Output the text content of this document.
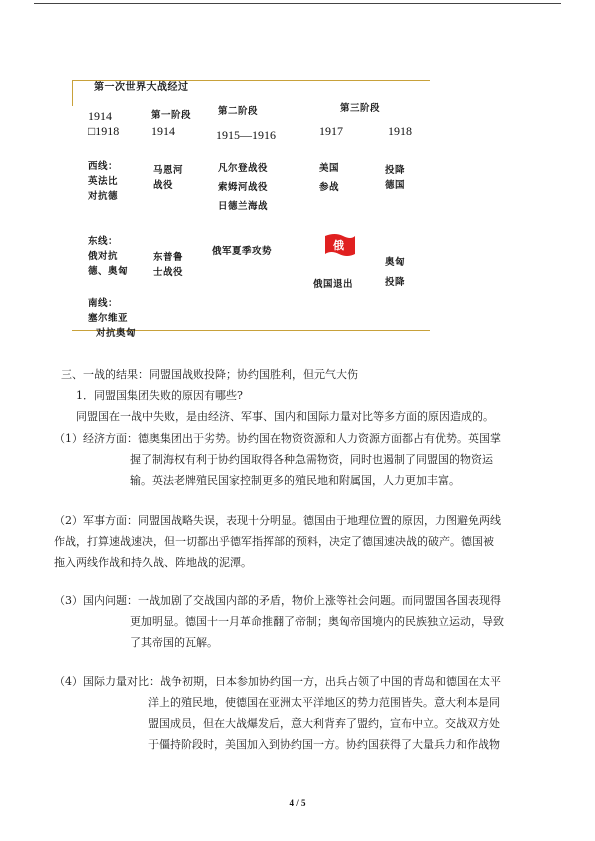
第一次世界大战经过
1914
□1918
第一阶段
1914
第二阶段
1915—1916
第三阶段
1917	1918
西线：
英法比
对抗德
马恩河
战役
凡尔登战役
索姆河战役
日德兰海战
美国
参战
投降
德国
东线：
俄对抗
德、奥匈
东普鲁
士战役
俄军夏季攻势	俄
俄国退出
奥匈
投降
南线：
塞尔维亚
对抗奥匈
三、一战的结果：同盟国战败投降；协约国胜利，但元气大伤
1．同盟国集团失败的原因有哪些?
同盟国在一战中失败，是由经济、军事、国内和国际力量对比等多方面的原因造成的。
（1）经济方面：德奥集团出于劣势。协约国在物资资源和人力资源方面都占有优势。英国掌
握了制海权有利于协约国取得各种急需物资，同时也遏制了同盟国的物资运
输。英法老牌殖民国家控制更多的殖民地和附属国，人力更加丰富。
（2）军事方面：同盟国战略失误，表现十分明显。德国由于地理位置的原因，力图避免两线
作战，打算速战速决，但一切都出乎德军指挥部的预料，决定了德国速决战的破产。德国被
拖入两线作战和持久战、阵地战的泥潭。
（3）国内问题：一战加剧了交战国内部的矛盾，物价上涨等社会问题。而同盟国各国表现得
更加明显。德国十一月革命推翻了帝制；奥匈帝国境内的民族独立运动，导致
了其帝国的瓦解。
（4）国际力量对比：战争初期，日本参加协约国一方，出兵占领了中国的青岛和德国在太平
洋上的殖民地，使德国在亚洲太平洋地区的势力范围皆失。意大利本是同
盟国成员，但在大战爆发后，意大利背弃了盟约，宣布中立。交战双方处
于僵持阶段时，美国加入到协约国一方。协约国获得了大量兵力和作战物
4 / 5
